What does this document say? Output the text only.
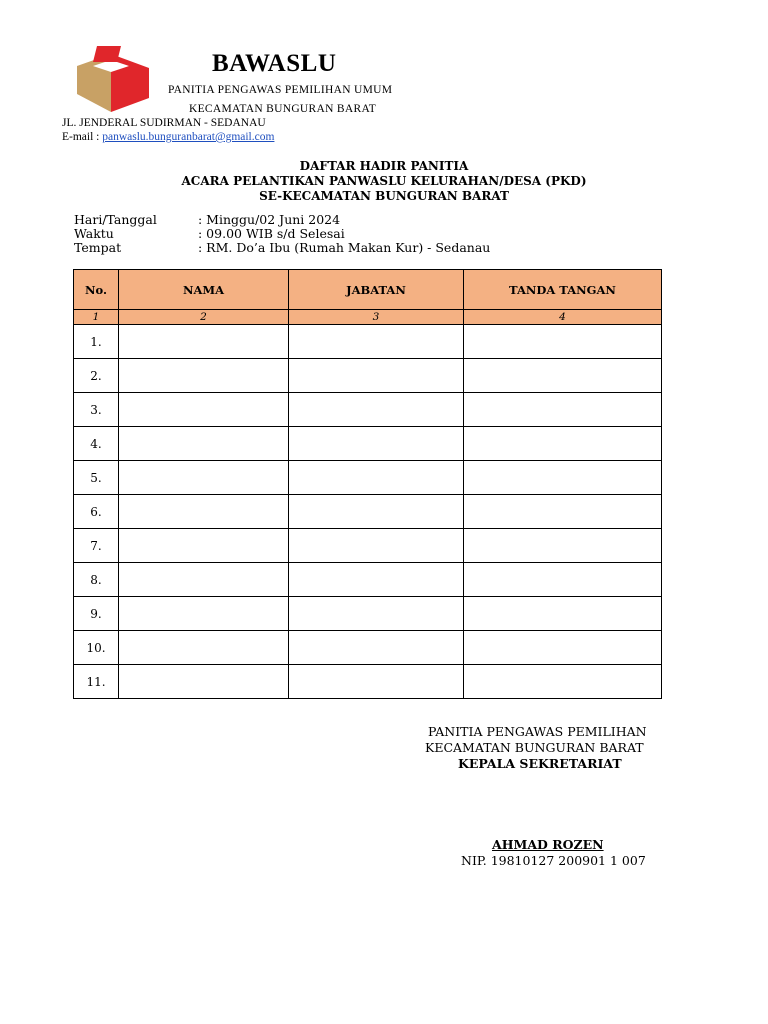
BAWASLU
PANITIA PENGAWAS PEMILIHAN UMUM
KECAMATAN BUNGURAN BARAT
JL. JENDERAL SUDIRMAN - SEDANAU
E-mail : panwaslu.bunguranbarat@gmail.com
DAFTAR HADIR PANITIA
ACARA PELANTIKAN PANWASLU KELURAHAN/DESA (PKD)
SE-KECAMATAN BUNGURAN BARAT
Hari/Tanggal	: Minggu/02 Juni 2024
Waktu	: 09.00 WIB s/d Selesai
Tempat	: RM. Do’a Ibu (Rumah Makan Kur) - Sedanau
No.	NAMA	JABATAN	TANDA TANGAN
1	2	3	4
1.			
2.			
3.			
4.			
5.			
6.			
7.			
8.			
9.			
10.			
11.			
PANITIA PENGAWAS PEMILIHAN
KECAMATAN BUNGURAN BARAT
KEPALA SEKRETARIAT
AHMAD ROZEN
NIP. 19810127 200901 1 007
